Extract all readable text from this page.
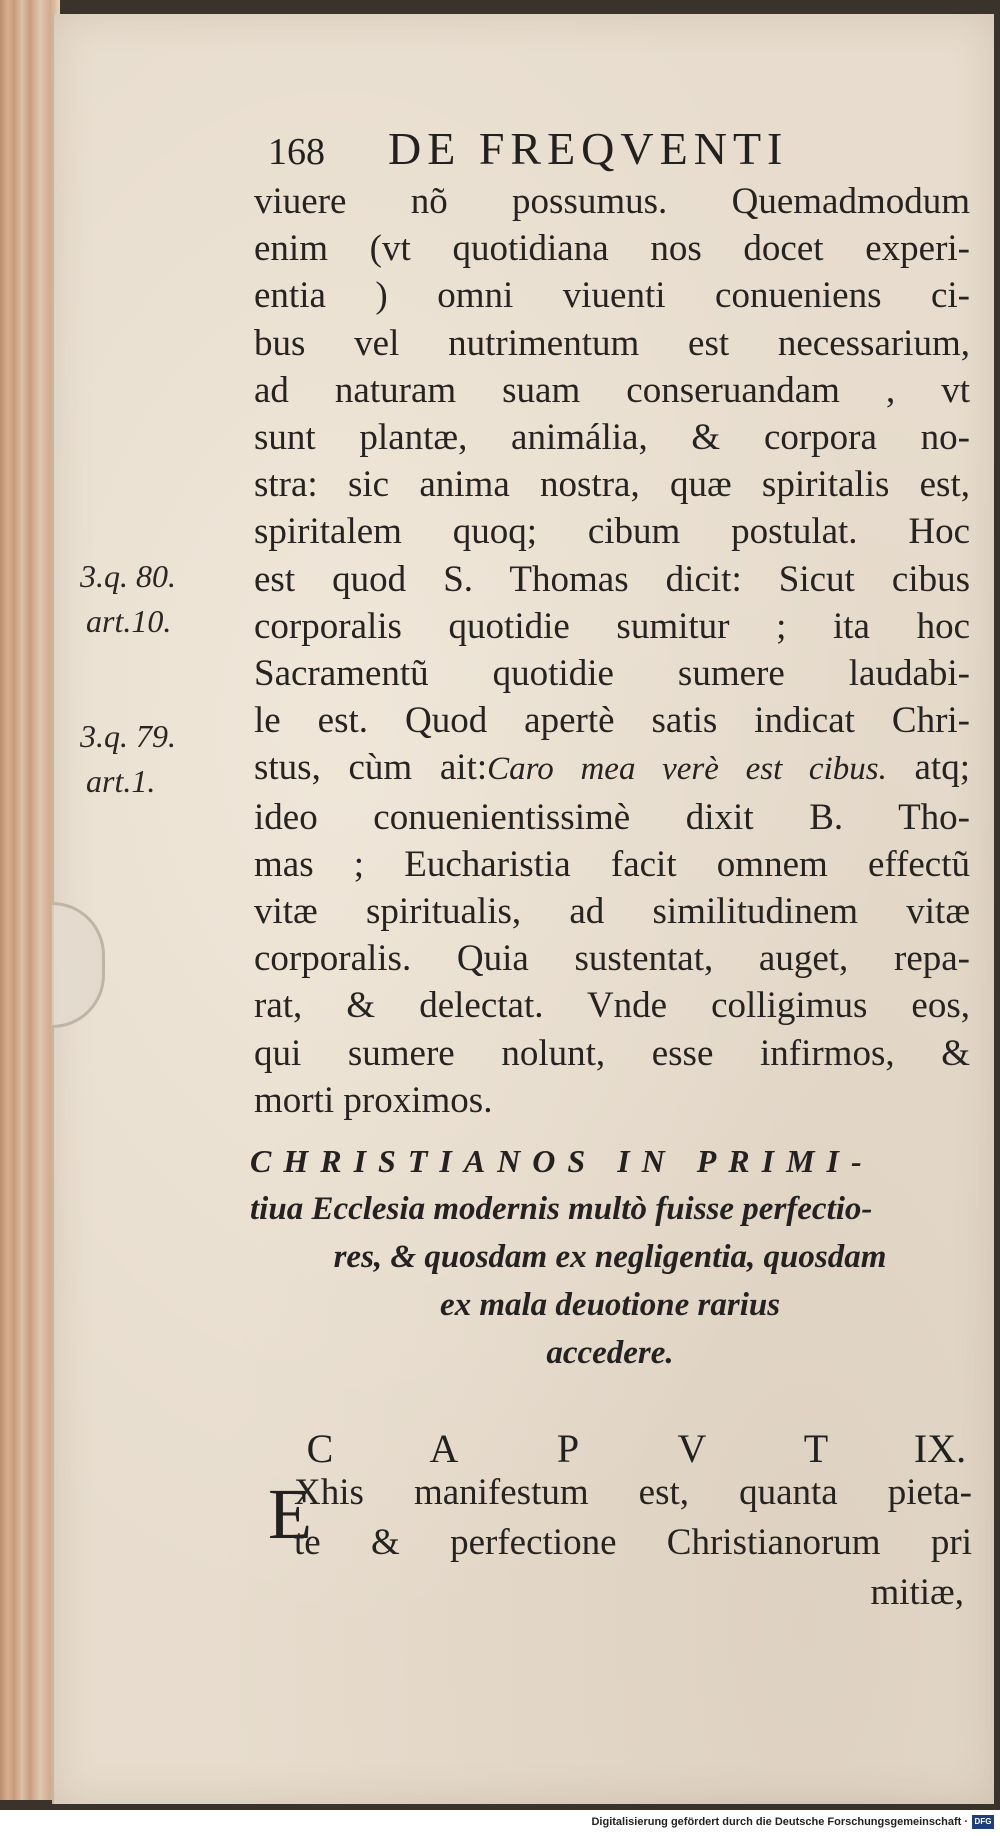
168	DE FREQVENTI
viuere nõ possumus. Quemadmodum
enim (vt quotidiana nos docet experi-
entia ) omni viuenti conueniens ci-
bus vel nutrimentum est necessarium,
ad naturam suam conseruandam , vt
sunt plantæ, animália, & corpora no-
stra: sic anima nostra, quæ spiritalis est,
spiritalem quoq; cibum postulat. Hoc
est quod S. Thomas dicit: Sicut cibus
corporalis quotidie sumitur ; ita hoc
Sacramentũ quotidie sumere laudabi-
le est. Quod apertè satis indicat Chri-
stus, cùm ait:Caro mea verè est cibus. atq;
ideo conuenientissimè dixit B. Tho-
mas ; Eucharistia facit omnem effectũ
vitæ spiritualis, ad similitudinem vitæ
corporalis. Quia sustentat, auget, repa-
rat, & delectat. Vnde colligimus eos,
qui sumere nolunt, esse infirmos, &
morti proximos.
3.q. 80.
art.10.
3.q. 79.
art.1.
CHRISTIANOS IN PRIMI-
tiua Ecclesia modernis multò fuisse perfectio-
res, & quosdam ex negligentia, quosdam
ex mala deuotione rarius
accedere.
C	A	P	V	T	IX.
E
Xhis manifestum est, quanta pieta-
te & perfectione Christianorum pri
mitiæ,
Digitalisierung gefördert durch die Deutsche Forschungsgemeinschaft · DFG
